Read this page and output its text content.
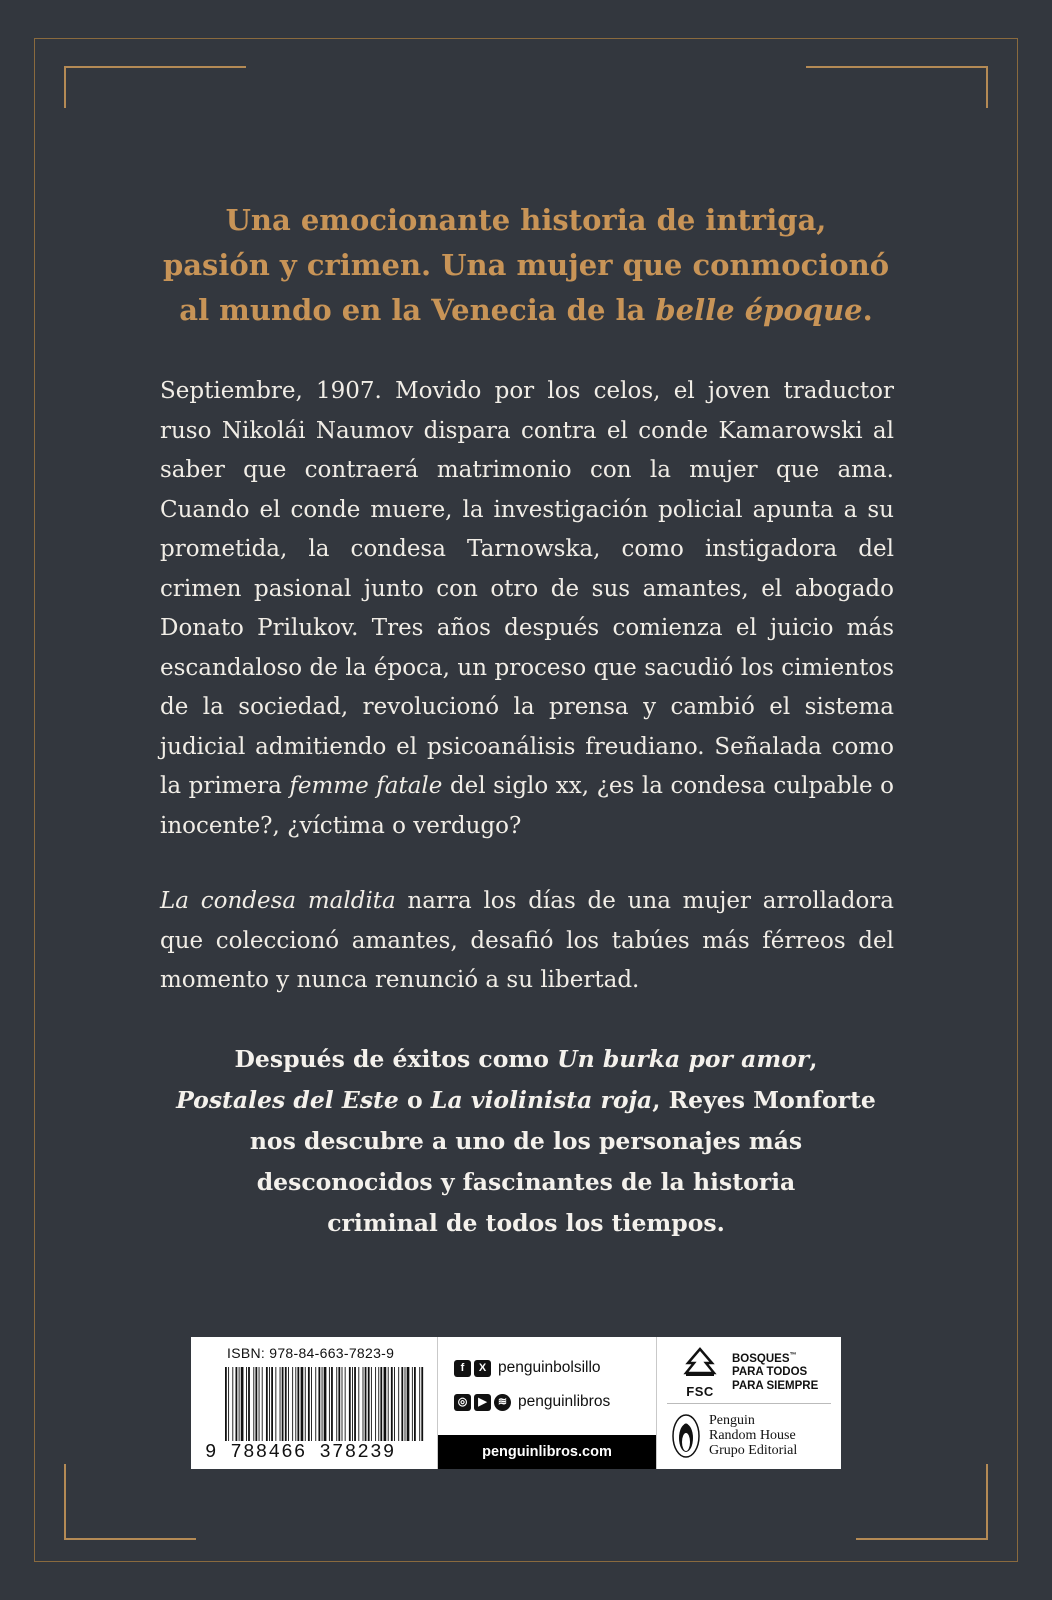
Una emocionante historia de intriga,
pasión y crimen. Una mujer que conmocionó
al mundo en la Venecia de la belle époque.
Septiembre, 1907. Movido por los celos, el joven traductor ruso Nikolái Naumov dispara contra el conde Kamarowski al saber que contraerá matrimonio con la mujer que ama. Cuando el conde muere, la investigación policial apunta a su prometida, la condesa Tarnowska, como instigadora del crimen pasional junto con otro de sus amantes, el abogado Donato Prilukov. Tres años después comienza el juicio más escandaloso de la época, un proceso que sacudió los cimientos de la sociedad, revolucionó la prensa y cambió el sistema judicial admitiendo el psicoanálisis freudiano. Señalada como la primera femme fatale del siglo xx, ¿es la condesa culpable o inocente?, ¿víctima o verdugo?
La condesa maldita narra los días de una mujer arrolladora que coleccionó amantes, desafió los tabúes más férreos del momento y nunca renunció a su libertad.
Después de éxitos como Un burka por amor,
Postales del Este o La violinista roja, Reyes Monforte
nos descubre a uno de los personajes más
desconocidos y fascinantes de la historia
criminal de todos los tiempos.
ISBN: 978-84-663-7823-9
9 788466 378239
f	X penguinbolsillo
◎ ▶	≋ penguinlibros
penguinlibros.com
FSC
BOSQUES™
PARA TODOS
PARA SIEMPRE
Penguin
Random House
Grupo Editorial
